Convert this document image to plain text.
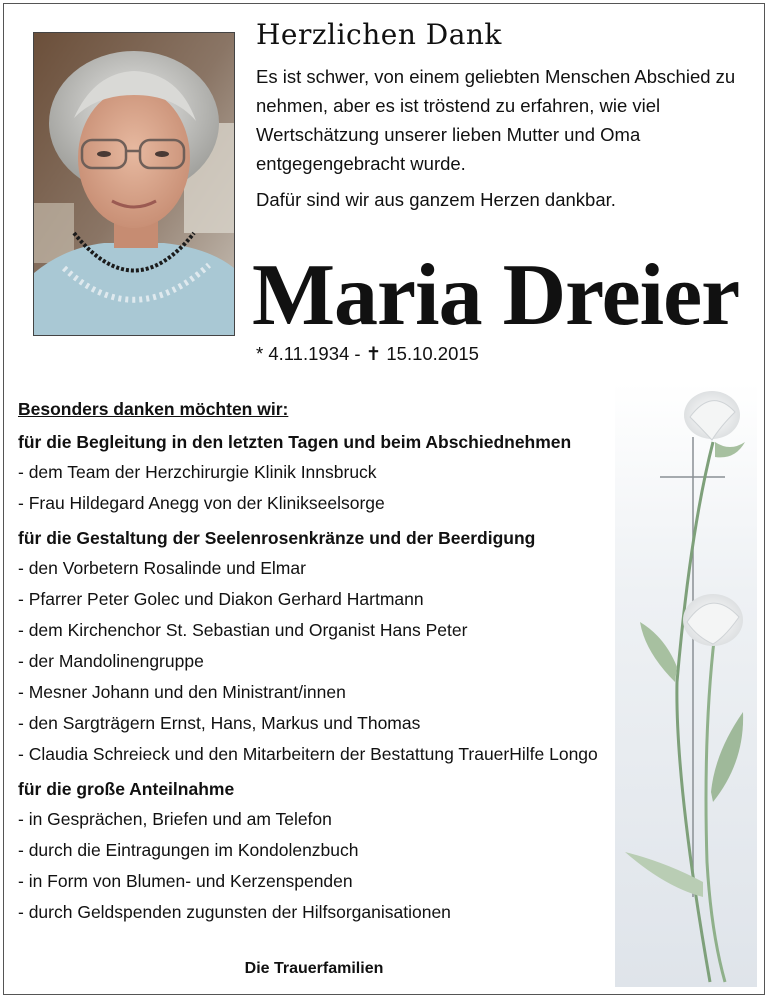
Herzlichen Dank

Es ist schwer, von einem geliebten Menschen Abschied zu nehmen, aber es ist tröstend zu erfahren, wie viel Wertschätzung unserer lieben Mutter und Oma entgegengebracht wurde.

Dafür sind wir aus ganzem Herzen dankbar.

Maria Dreier
* 4.11.1934 - ✝ 15.10.2015
Besonders danken möchten wir:
für die Begleitung in den letzten Tagen und beim Abschiednehmen
- dem Team der Herzchirurgie Klinik Innsbruck
- Frau Hildegard Anegg von der Klinikseelsorge
für die Gestaltung der Seelenrosenkränze und der Beerdigung
- den Vorbetern Rosalinde und Elmar
- Pfarrer Peter Golec und Diakon Gerhard Hartmann
- dem Kirchenchor St. Sebastian und Organist Hans Peter
- der Mandolinengruppe
- Mesner Johann und den Ministrant/innen
- den Sargträgern Ernst, Hans, Markus und Thomas
- Claudia Schreieck und den Mitarbeitern der Bestattung TrauerHilfe Longo
für die große Anteilnahme
- in Gesprächen, Briefen und am Telefon
- durch die Eintragungen im Kondolenzbuch
- in Form von Blumen- und Kerzenspenden
- durch Geldspenden zugunsten der Hilfsorganisationen
Die Trauerfamilien
